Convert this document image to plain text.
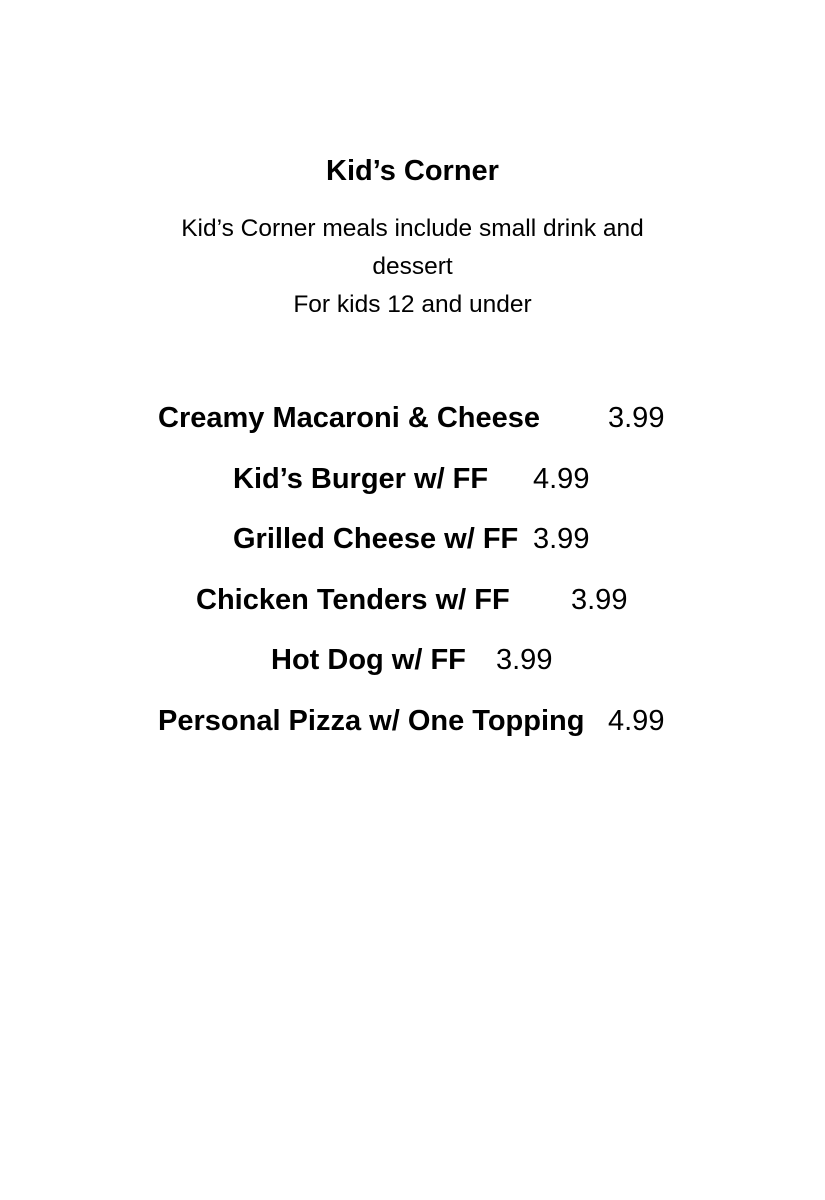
Kid’s Corner
Kid’s Corner meals include small drink and
dessert
For kids 12 and under
Creamy Macaroni & Cheese 3.99
Kid’s Burger w/ FF 4.99
Grilled Cheese w/ FF 3.99
Chicken Tenders w/ FF 3.99
Hot Dog w/ FF 3.99
Personal Pizza w/ One Topping 4.99
